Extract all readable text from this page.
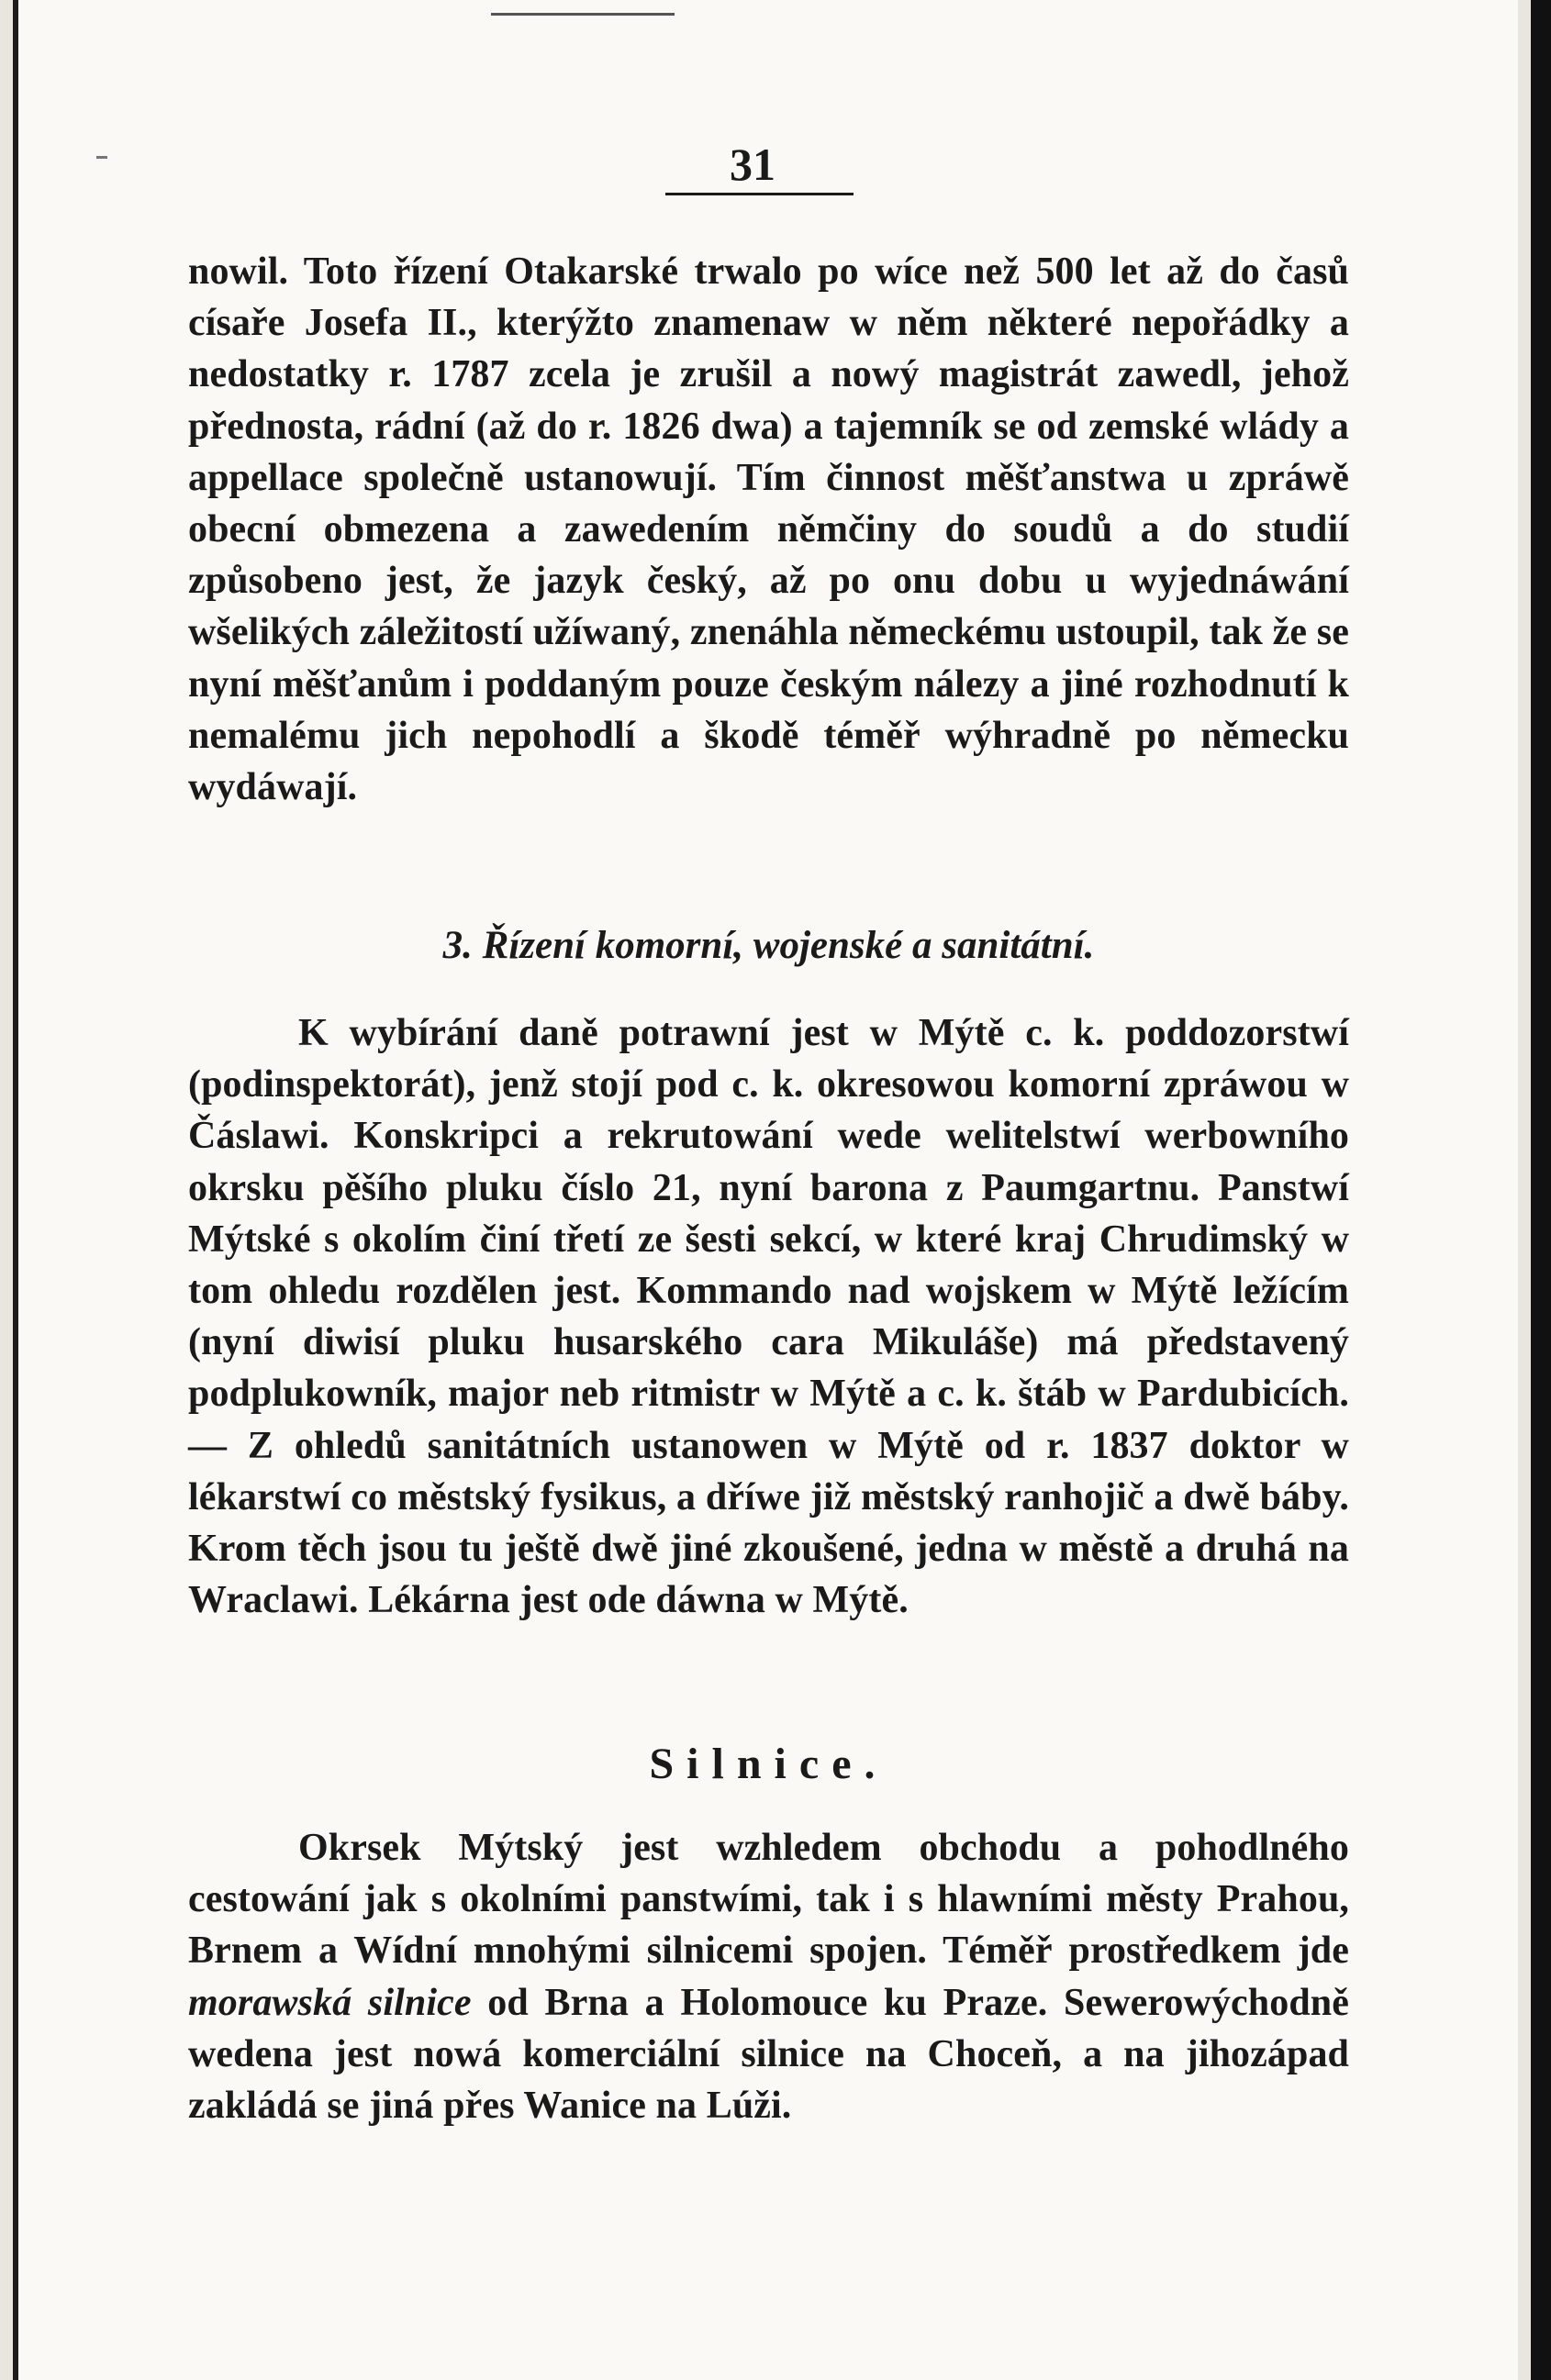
31
nowil. Toto řízení Otakarské trwalo po wíce než 500 let až do časů císaře Josefa II., kterýžto znamenaw w něm některé nepořádky a nedostatky r. 1787 zcela je zrušil a nowý magistrát zawedl, jehož přednosta, rádní (až do r. 1826 dwa) a tajemník se od zemské wlády a appellace společně ustanowují. Tím činnost měšťanstwa u zpráwě obecní obmezena a zawedením němčiny do soudů a do studií způsobeno jest, že jazyk český, až po onu dobu u wyjednáwání wšelikých záležitostí užíwaný, znenáhla německému ustoupil, tak že se nyní měšťanům i poddaným pouze českým nálezy a jiné rozhodnutí k nemalému jich nepohodlí a škodě téměř wýhradně po německu wydáwají.
3. Řízení komorní, wojenské a sanitátní.
K wybírání daně potrawní jest w Mýtě c. k. poddozorstwí (podinspektorát), jenž stojí pod c. k. okresowou komorní zpráwou w Čáslawi. Konskripci a rekrutowání wede welitelstwí werbowního okrsku pěšího pluku číslo 21, nyní barona z Paumgartnu. Panstwí Mýtské s okolím činí třetí ze šesti sekcí, w které kraj Chrudimský w tom ohledu rozdělen jest. Kommando nad wojskem w Mýtě ležícím (nyní diwisí pluku husarského cara Mikuláše) má představený podplukowník, major neb ritmistr w Mýtě a c. k. štáb w Pardubicích. — Z ohledů sanitátních ustanowen w Mýtě od r. 1837 doktor w lékarstwí co městský fysikus, a dříwe již městský ranhojič a dwě báby. Krom těch jsou tu ještě dwě jiné zkoušené, jedna w městě a druhá na Wraclawi. Lékárna jest ode dáwna w Mýtě.
Silnice.
Okrsek Mýtský jest wzhledem obchodu a pohodlného cestowání jak s okolními panstwími, tak i s hlawními městy Prahou, Brnem a Wídní mnohými silnicemi spojen. Téměř prostředkem jde morawská silnice od Brna a Holomouce ku Praze. Sewerowýchodně wedena jest nowá komerciální silnice na Choceň, a na jihozápad zakládá se jiná přes Wanice na Lúži.
